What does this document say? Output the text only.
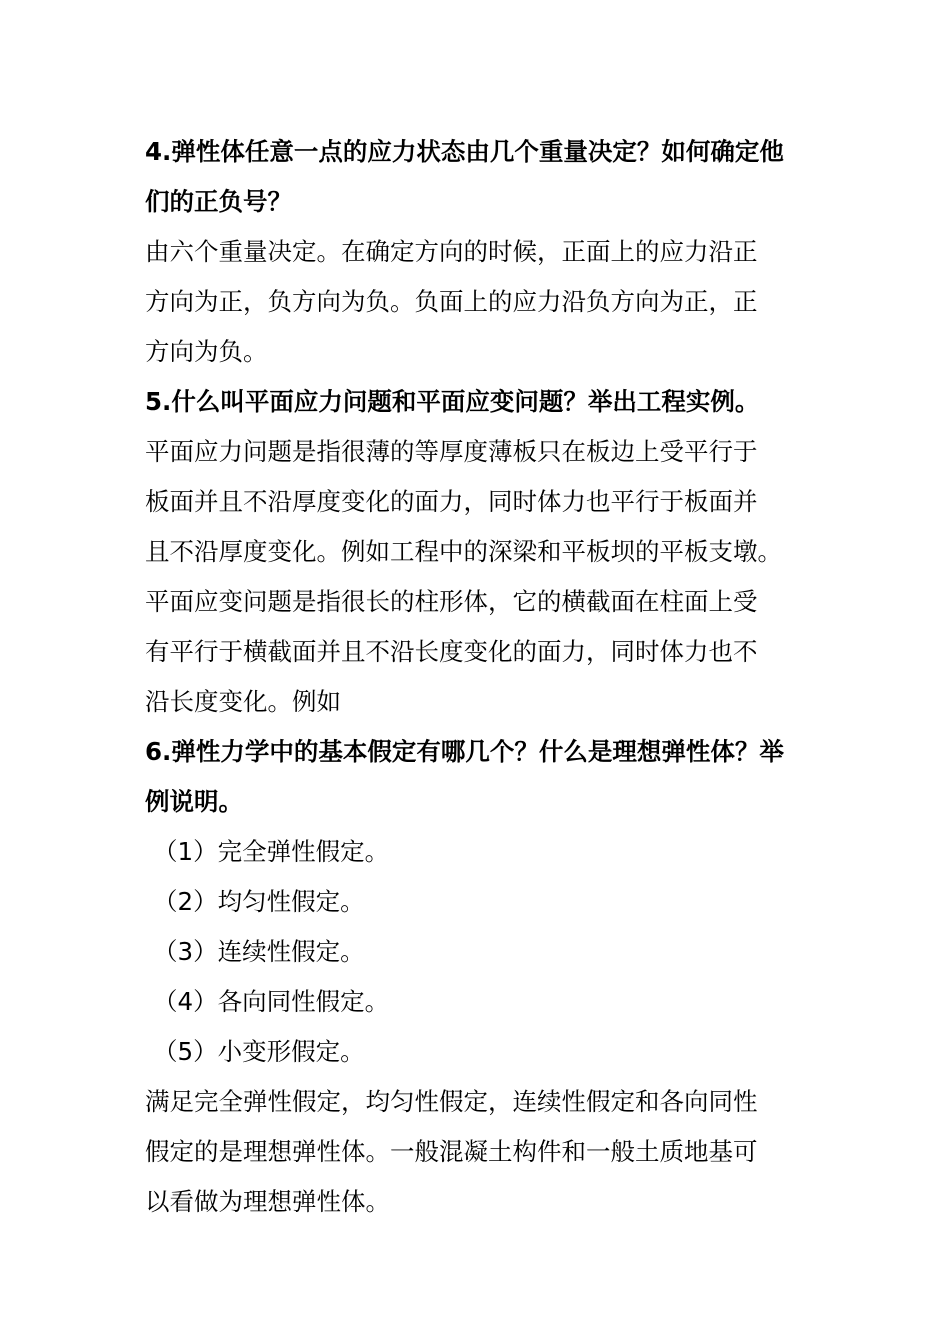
4.弹性体任意一点的应力状态由几个重量决定？如何确定他
们的正负号？
由六个重量决定。在确定方向的时候，正面上的应力沿正
方向为正，负方向为负。负面上的应力沿负方向为正，正
方向为负。
5.什么叫平面应力问题和平面应变问题？举出工程实例。
平面应力问题是指很薄的等厚度薄板只在板边上受平行于
板面并且不沿厚度变化的面力，同时体力也平行于板面并
且不沿厚度变化。例如工程中的深梁和平板坝的平板支墩。
平面应变问题是指很长的柱形体，它的横截面在柱面上受
有平行于横截面并且不沿长度变化的面力，同时体力也不
沿长度变化。例如
6.弹性力学中的基本假定有哪几个？什么是理想弹性体？举
例说明。
（1）完全弹性假定。
（2）均匀性假定。
（3）连续性假定。
（4）各向同性假定。
（5）小变形假定。
满足完全弹性假定，均匀性假定，连续性假定和各向同性
假定的是理想弹性体。一般混凝土构件和一般土质地基可
以看做为理想弹性体。
